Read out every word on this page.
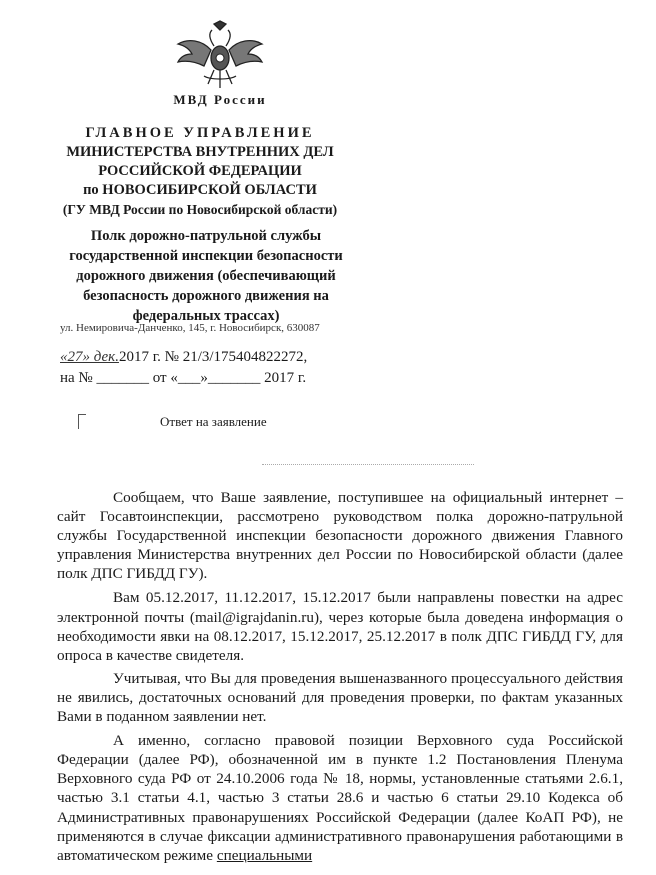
МВД России
ГЛАВНОЕ УПРАВЛЕНИЕ
МИНИСТЕРСТВА ВНУТРЕННИХ ДЕЛ
РОССИЙСКОЙ ФЕДЕРАЦИИ
по НОВОСИБИРСКОЙ ОБЛАСТИ
(ГУ МВД России по Новосибирской области)
Полк дорожно-патрульной службы
государственной инспекции безопасности
дорожного движения (обеспечивающий
безопасность дорожного движения на
федеральных трассах)
ул. Немировича-Данченко, 145, г. Новосибирск, 630087
«27» дек.2017 г. № 21/3/175404822272,
на № _______ от «___»_______ 2017 г.
Ответ на заявление

Сообщаем, что Ваше заявление, поступившее на официальный интернет – сайт Госавтоинспекции, рассмотрено руководством полка дорожно-патрульной службы Государственной инспекции безопасности дорожного движения Главного управления Министерства внутренних дел России по Новосибирской области (далее полк ДПС ГИБДД ГУ).

Вам 05.12.2017, 11.12.2017, 15.12.2017 были направлены повестки на адрес электронной почты (mail@igrajdanin.ru), через которые была доведена информация о необходимости явки на 08.12.2017, 15.12.2017, 25.12.2017 в полк ДПС ГИБДД ГУ, для опроса в качестве свидетеля.

Учитывая, что Вы для проведения вышеназванного процессуального действия не явились, достаточных оснований для проведения проверки, по фактам указанных Вами в поданном заявлении нет.

А именно, согласно правовой позиции Верховного суда Российской Федерации (далее РФ), обозначенной им в пункте 1.2 Постановления Пленума Верховного суда РФ от 24.10.2006 года № 18, нормы, установленные статьями 2.6.1, частью 3.1 статьи 4.1, частью 3 статьи 28.6 и частью 6 статьи 29.10 Кодекса об Административных правонарушениях Российской Федерации (далее КоАП РФ), не применяются в случае фиксации административного правонарушения работающими в автоматическом режиме специальными
